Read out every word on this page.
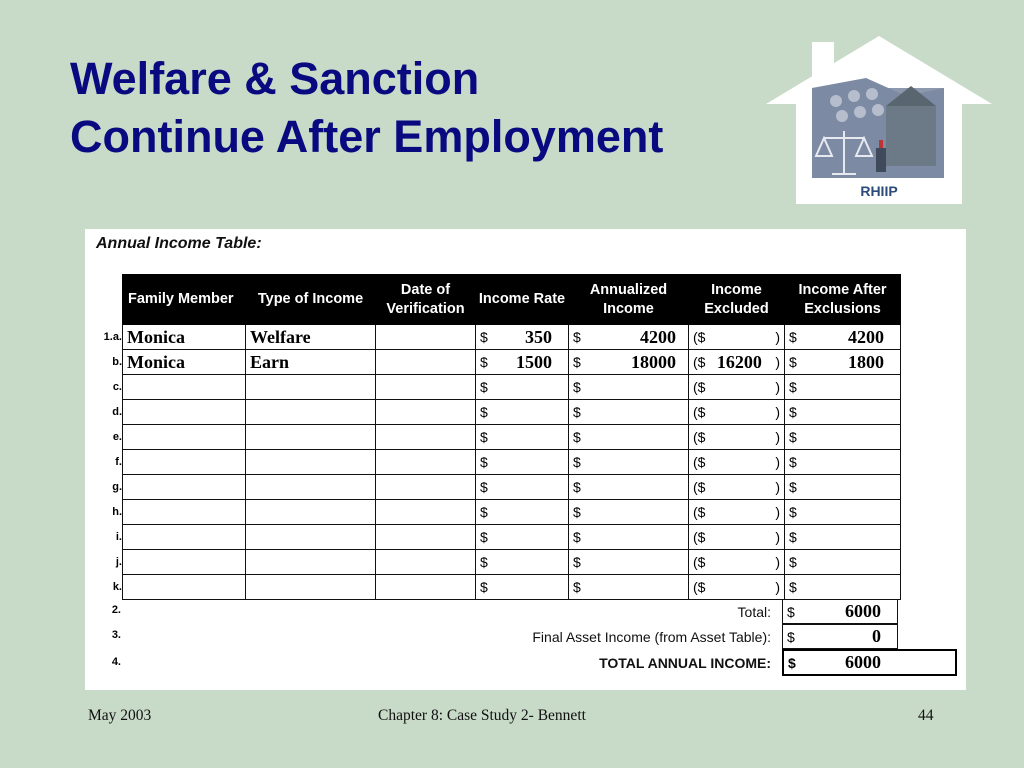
Welfare & Sanction
Continue After Employment
RHIIP
Annual Income Table:
Family Member	Type of Income	Date of Verification	Income Rate	Annualized Income	Income Excluded	Income After Exclusions

1.a. Monica	Welfare		$ 350	$ 4200	($ )	$ 4200

b. Monica	Earn		$ 1500	$ 18000	($ 16200 )	$ 1800

c.			$	$	($ )	$

d.			$	$	($ )	$

e.			$	$	($ )	$

f.			$	$	($ )	$

g.			$	$	($ )	$

h.			$	$	($ )	$

i.			$	$	($ )	$

j.			$	$	($ )	$

k.			$	$	($ )	$
2.	Total: $	6000
3.	Final Asset Income (from Asset Table): $	0
4.	TOTAL ANNUAL INCOME: $	6000
May 2003	Chapter 8: Case Study 2- Bennett	44
